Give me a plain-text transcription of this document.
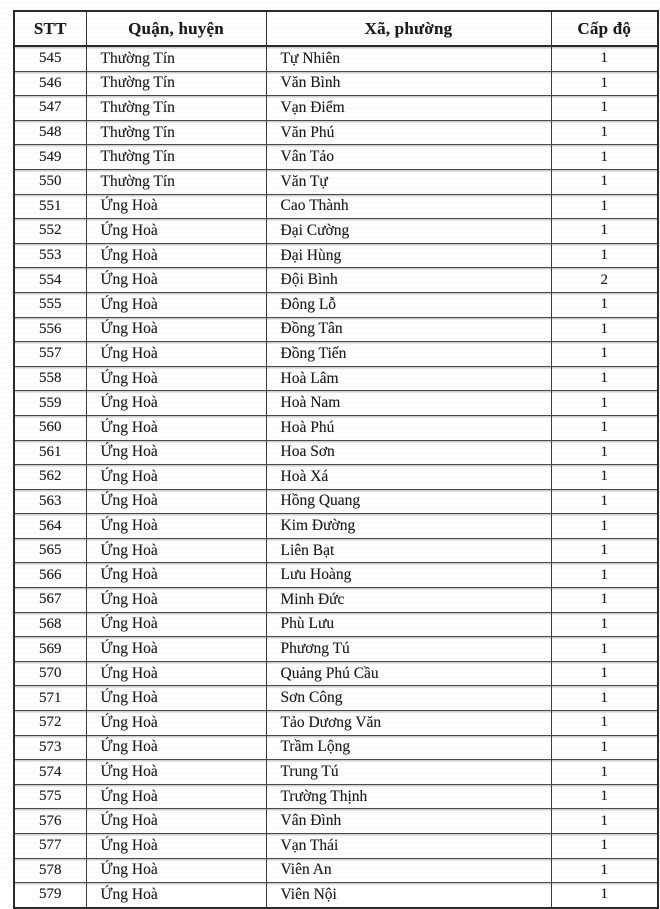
STT	Quận, huyện	Xã, phường	Cấp độ
545	Thường Tín	Tự Nhiên	1
546	Thường Tín	Văn Bình	1
547	Thường Tín	Vạn Điểm	1
548	Thường Tín	Văn Phú	1
549	Thường Tín	Vân Tảo	1
550	Thường Tín	Văn Tự	1
551	Ứng Hoà	Cao Thành	1
552	Ứng Hoà	Đại Cường	1
553	Ứng Hoà	Đại Hùng	1
554	Ứng Hoà	Đội Bình	2
555	Ứng Hoà	Đông Lỗ	1
556	Ứng Hoà	Đồng Tân	1
557	Ứng Hoà	Đồng Tiến	1
558	Ứng Hoà	Hoà Lâm	1
559	Ứng Hoà	Hoà Nam	1
560	Ứng Hoà	Hoà Phú	1
561	Ứng Hoà	Hoa Sơn	1
562	Ứng Hoà	Hoà Xá	1
563	Ứng Hoà	Hồng Quang	1
564	Ứng Hoà	Kim Đường	1
565	Ứng Hoà	Liên Bạt	1
566	Ứng Hoà	Lưu Hoàng	1
567	Ứng Hoà	Minh Đức	1
568	Ứng Hoà	Phù Lưu	1
569	Ứng Hoà	Phương Tú	1
570	Ứng Hoà	Quảng Phú Cầu	1
571	Ứng Hoà	Sơn Công	1
572	Ứng Hoà	Tảo Dương Văn	1
573	Ứng Hoà	Trầm Lộng	1
574	Ứng Hoà	Trung Tú	1
575	Ứng Hoà	Trường Thịnh	1
576	Ứng Hoà	Vân Đình	1
577	Ứng Hoà	Vạn Thái	1
578	Ứng Hoà	Viên An	1
579	Ứng Hoà	Viên Nội	1
